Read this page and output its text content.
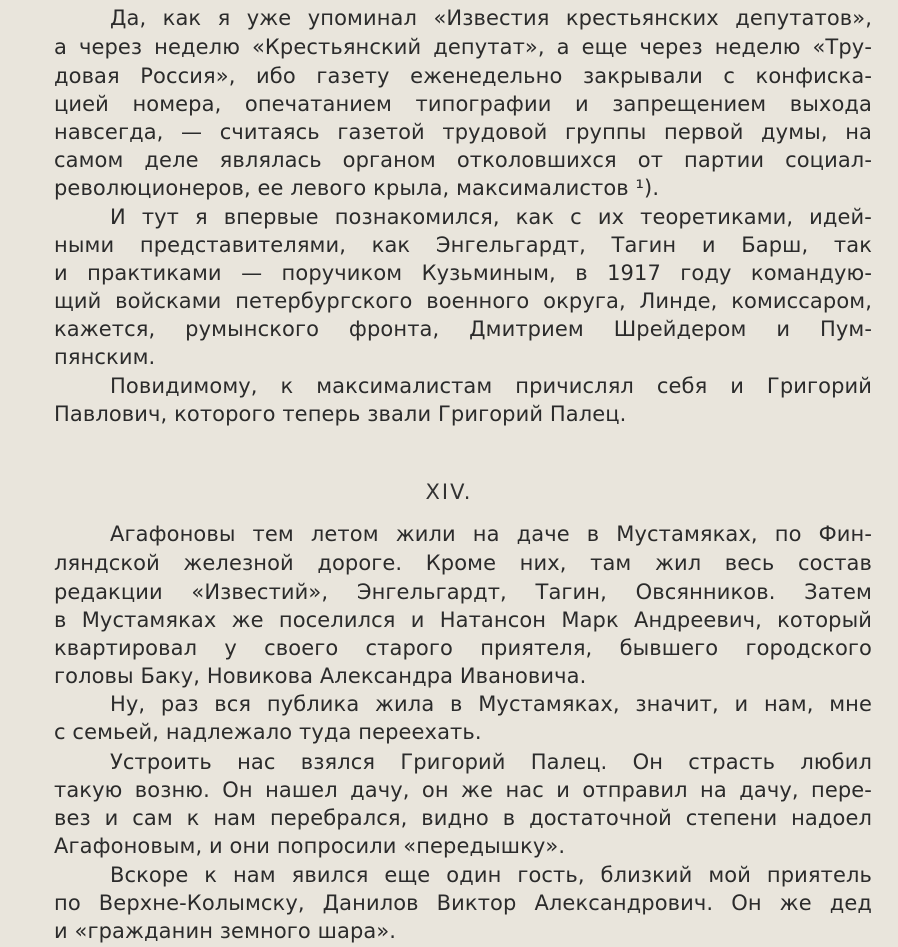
Да, как я уже упоминал «Известия крестьянских депутатов»,

а через неделю «Крестьянский депутат», а еще через неделю «Тру-

довая Россия», ибо газету еженедельно закрывали с конфиска-

цией номера, опечатанием типографии и запрещением выхода

навсегда, — считаясь газетой трудовой группы первой думы, на

самом деле являлась органом отколовшихся от партии социал-

революционеров, ее левого крыла, максималистов ¹).

И тут я впервые познакомился, как с их теоретиками, идей-

ными представителями, как Энгельгардт, Тагин и Барш, так

и практиками — поручиком Кузьминым, в 1917 году командую-

щий войсками петербургского военного округа, Линде, комиссаром,

кажется, румынского фронта, Дмитрием Шрейдером и Пум-

пянским.

Повидимому, к максималистам причислял себя и Григорий

Павлович, которого теперь звали Григорий Палец.

XIV.

Агафоновы тем летом жили на даче в Мустамяках, по Фин-

ляндской железной дороге. Кроме них, там жил весь состав

редакции «Известий», Энгельгардт, Тагин, Овсянников. Затем

в Мустамяках же поселился и Натансон Марк Андреевич, который

квартировал у своего старого приятеля, бывшего городского

головы Баку, Новикова Александра Ивановича.

Ну, раз вся публика жила в Мустамяках, значит, и нам, мне

с семьей, надлежало туда переехать.

Устроить нас взялся Григорий Палец. Он страсть любил

такую возню. Он нашел дачу, он же нас и отправил на дачу, пере-

вез и сам к нам перебрался, видно в достаточной степени надоел

Агафоновым, и они попросили «передышку».

Вскоре к нам явился еще один гость, близкий мой приятель

по Верхне-Колымску, Данилов Виктор Александрович. Он же дед

и «гражданин земного шара».
